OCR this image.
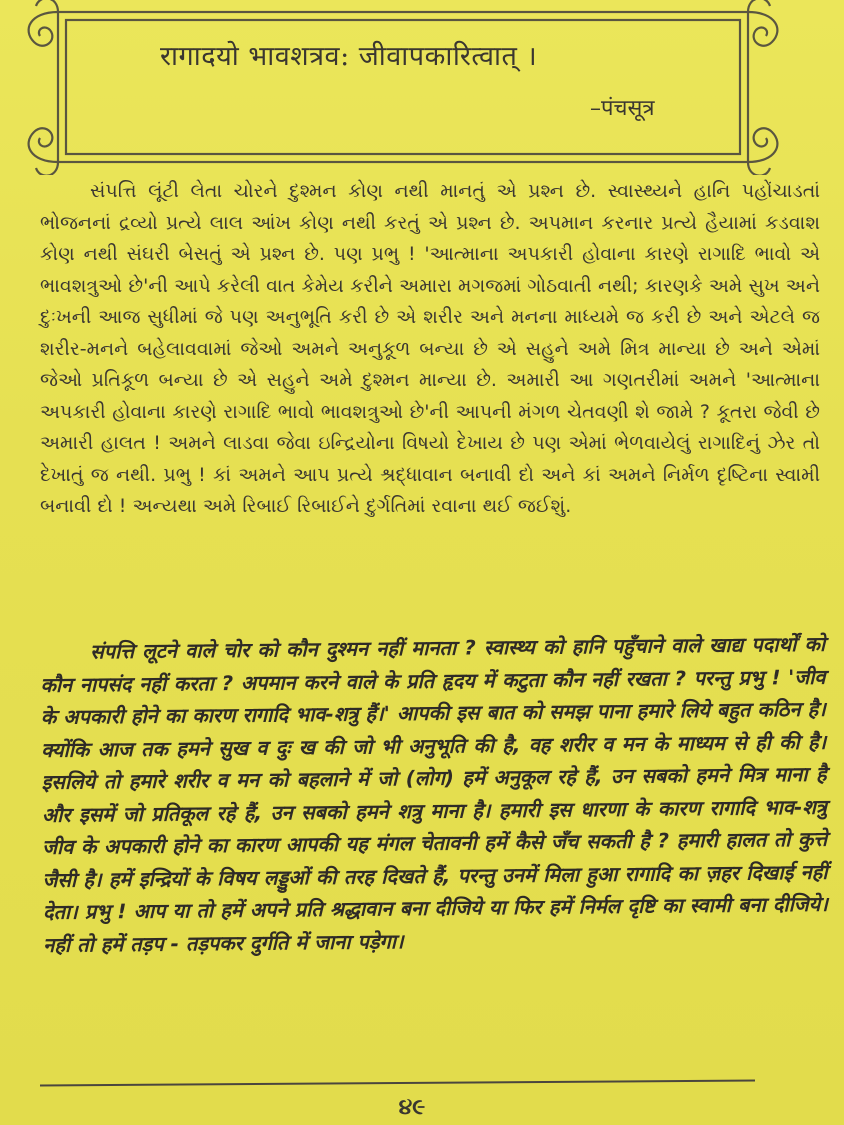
रागादयो भावशत्रव: जीवापकारित्वात् ।
–पंचसूत्र

સંપત્તિ લૂંટી લેતા ચોરને દુશ્મન કોણ નથી માનતું એ પ્રશ્ન છે. સ્વાસ્થ્યને હાનિ પહોંચાડતાં ભોજનનાં દ્રવ્યો પ્રત્યે લાલ આંખ કોણ નથી કરતું એ પ્રશ્ન છે. અપમાન કરનાર પ્રત્યે હૈયામાં કડવાશ કોણ નથી સંઘરી બેસતું એ પ્રશ્ન છે. પણ પ્રભુ ! 'આત્માના અપકારી હોવાના કારણે રાગાદિ ભાવો એ ભાવશત્રુઓ છે'ની આપે કરેલી વાત કેમેય કરીને અમારા મગજમાં ગોઠવાતી નથી; કારણકે અમે સુખ અને દુઃખની આજ સુધીમાં જે પણ અનુભૂતિ કરી છે એ શરીર અને મનના માધ્યમે જ કરી છે અને એટલે જ શરીર-મનને બહેલાવવામાં જેઓ અમને અનુકૂળ બન્યા છે એ સહુને અમે મિત્ર માન્યા છે અને એમાં જેઓ પ્રતિકૂળ બન્યા છે એ સહુને અમે દુશ્મન માન્યા છે. અમારી આ ગણતરીમાં અમને 'આત્માના અપકારી હોવાના કારણે રાગાદિ ભાવો ભાવશત્રુઓ છે'ની આપની મંગળ ચેતવણી શે જામે ? કૂતરા જેવી છે અમારી હાલત ! અમને લાડવા જેવા ઇન્દ્રિયોના વિષયો દેખાય છે પણ એમાં ભેળવાયેલું રાગાદિનું ઝેર તો દેખાતું જ નથી. પ્રભુ ! કાં અમને આપ પ્રત્યે શ્રદ્ધાવાન બનાવી દો અને કાં અમને નિર્મળ દૃષ્ટિના સ્વામી બનાવી દો ! અન્યથા અમે રિબાઈ રિબાઈને દુર્ગતિમાં રવાના થઈ જઈશું.

संपत्ति लूटने वाले चोर को कौन दुश्मन नहीं मानता ? स्वास्थ्य को हानि पहुँचाने वाले खाद्य पदार्थों को कौन नापसंद नहीं करता ? अपमान करने वाले के प्रति हृदय में कटुता कौन नहीं रखता ? परन्तु प्रभु ! 'जीव के अपकारी होने का कारण रागादि भाव-शत्रु हैं।' आपकी इस बात को समझ पाना हमारे लिये बहुत कठिन है। क्योंकि आज तक हमने सुख व दुः ख की जो भी अनुभूति की है, वह शरीर व मन के माध्यम से ही की है। इसलिये तो हमारे शरीर व मन को बहलाने में जो (लोग) हमें अनुकूल रहे हैं, उन सबको हमने मित्र माना है और इसमें जो प्रतिकूल रहे हैं, उन सबको हमने शत्रु माना है। हमारी इस धारणा के कारण रागादि भाव-शत्रु जीव के अपकारी होने का कारण आपकी यह मंगल चेतावनी हमें कैसे जँच सकती है ? हमारी हालत तो कुत्ते जैसी है। हमें इन्द्रियों के विषय लड्डुओं की तरह दिखते हैं, परन्तु उनमें मिला हुआ रागादि का ज़हर दिखाई नहीं देता। प्रभु ! आप या तो हमें अपने प्रति श्रद्धावान बना दीजिये या फिर हमें निर्मल दृष्टि का स्वामी बना दीजिये। नहीं तो हमें तड़प - तड़पकर दुर्गति में जाना पड़ेगा।

૪૯
